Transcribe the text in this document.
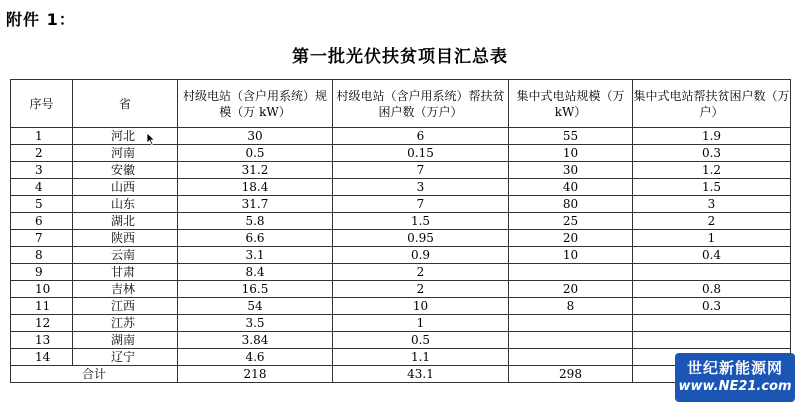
附件 1：
第一批光伏扶贫项目汇总表
序号	省	村级电站（含户用系统）规模（万 kW）	村级电站（含户用系统）帮扶贫困户数（万户）	集中式电站规模（万 kW）	集中式电站帮扶贫困户数（万户）
1	河北	30	6	55	1.9
2	河南	0.5	0.15	10	0.3
3	安徽	31.2	7	30	1.2
4	山西	18.4	3	40	1.5
5	山东	31.7	7	80	3
6	湖北	5.8	1.5	25	2
7	陕西	6.6	0.95	20	1
8	云南	3.1	0.9	10	0.4
9	甘肃	8.4	2		
10	吉林	16.5	2	20	0.8
11	江西	54	10	8	0.3
12	江苏	3.5	1		
13	湖南	3.84	0.5		
14	辽宁	4.6	1.1		
合计		218	43.1	298		世纪新能源网
www.NE21.com
